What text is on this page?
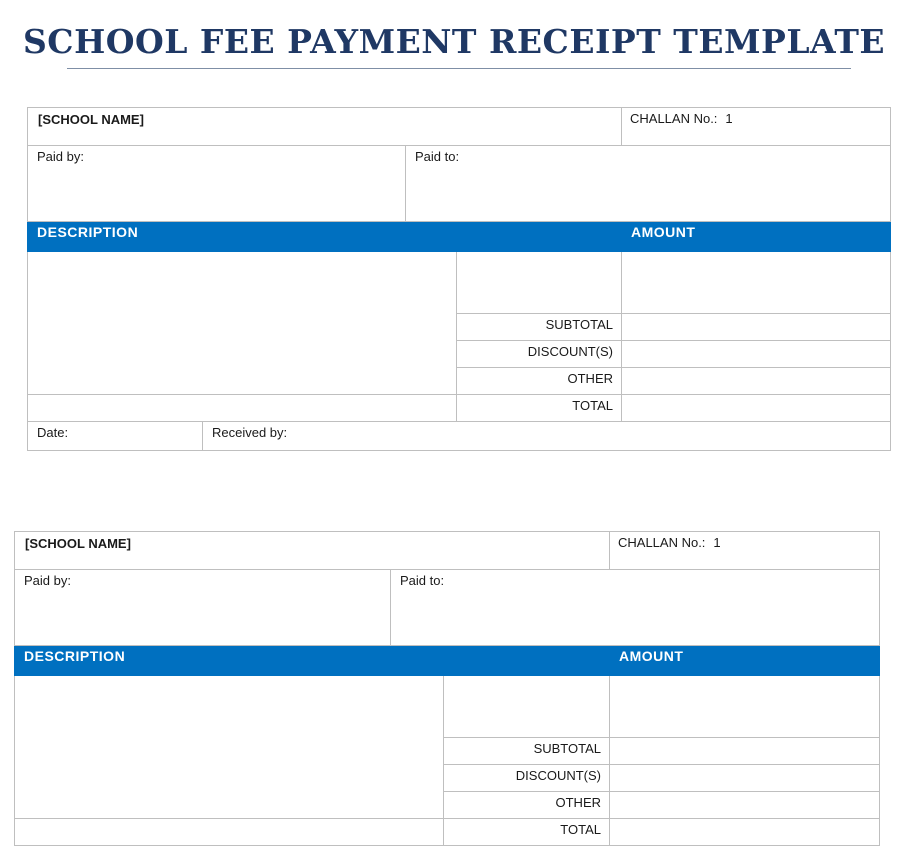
SCHOOL FEE PAYMENT RECEIPT TEMPLATE
[SCHOOL NAME]				CHALLAN No.: 1
Paid by:		Paid to:		
DESCRIPTION				AMOUNT

			SUBTOTAL	
			DISCOUNT(S)	
			OTHER	
			TOTAL	
Date:	Received by:			
[SCHOOL NAME]			CHALLAN No.: 1
Paid by:	Paid to:		
DESCRIPTION			AMOUNT

		SUBTOTAL	
		DISCOUNT(S)	
		OTHER	
		TOTAL	
